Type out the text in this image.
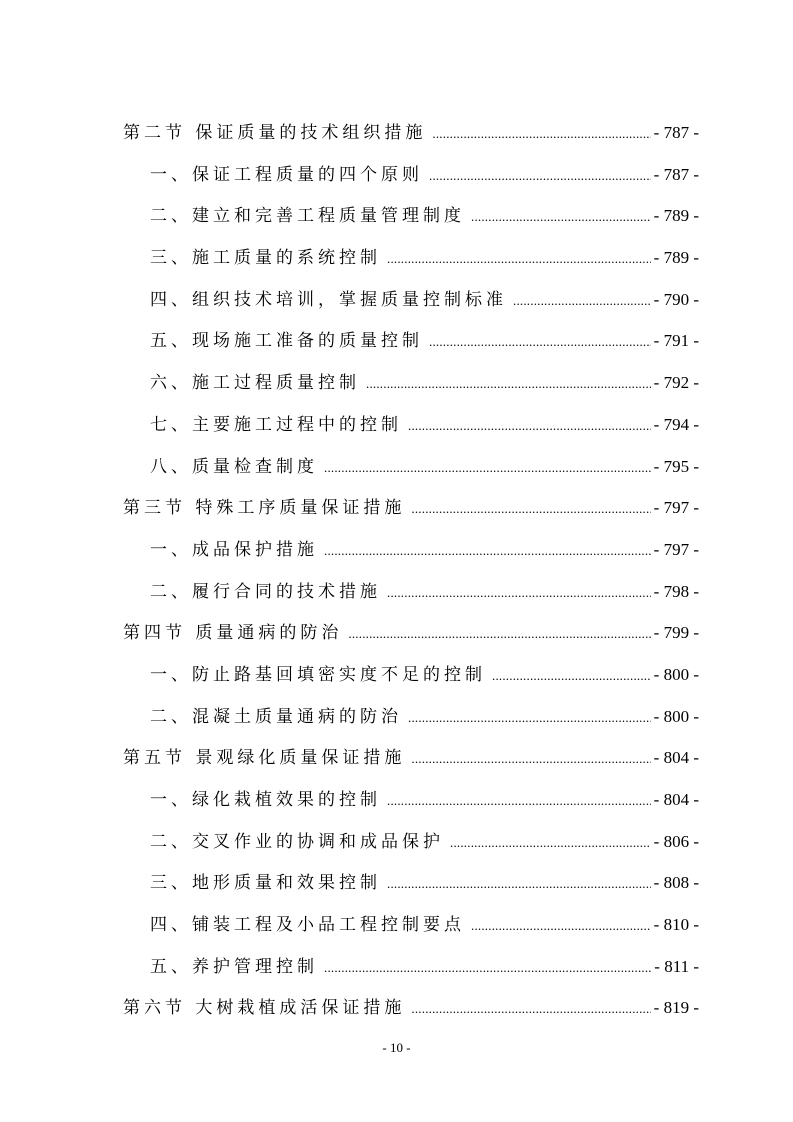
第二节 保证质量的技术组织措施 .....	- 787 -
一、保证工程质量的四个原则 .....	- 787 -
二、建立和完善工程质量管理制度 .....	- 789 -
三、施工质量的系统控制 .....	- 789 -
四、组织技术培训，掌握质量控制标准 .....	- 790 -
五、现场施工准备的质量控制 .....	- 791 -
六、施工过程质量控制 .....	- 792 -
七、主要施工过程中的控制 .....	- 794 -
八、质量检查制度 .....	- 795 -
第三节 特殊工序质量保证措施 .....	- 797 -
一、成品保护措施 .....	- 797 -
二、履行合同的技术措施 .....	- 798 -
第四节 质量通病的防治 .....	- 799 -
一、防止路基回填密实度不足的控制 .....	- 800 -
二、混凝土质量通病的防治 .....	- 800 -
第五节 景观绿化质量保证措施 .....	- 804 -
一、绿化栽植效果的控制 .....	- 804 -
二、交叉作业的协调和成品保护 .....	- 806 -
三、地形质量和效果控制 .....	- 808 -
四、铺装工程及小品工程控制要点 .....	- 810 -
五、养护管理控制 .....	- 811 -
第六节 大树栽植成活保证措施 .....	- 819 -
- 10 -
